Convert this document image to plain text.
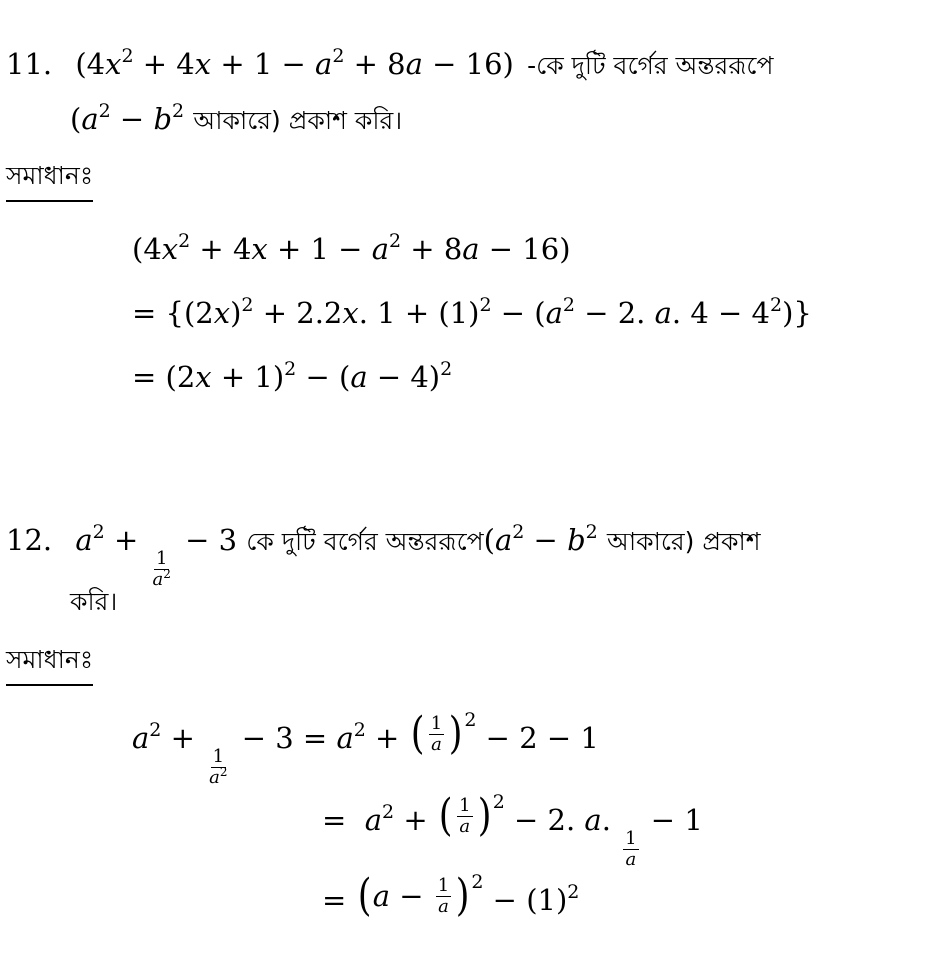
11. $(4x^2 + 4x + 1 - a^2 + 8a - 16)$ -কে দুটি বর্গের অন্তররূপে
($a^2 - b^2$ আকারে) প্রকাশ করি।
সমাধানঃ
$(4x^2 + 4x + 1 - a^2 + 8a - 16)$
= {$(2x)^2 + 2.2x$. $1 + (1)^2 - (a^2 - 2$. a. $4 - 4^2$)}
= $(2x + 1)^2 - (a - 4)^2$
12. $a^2$ +
$\frac{1}{a^2}$
− 3 কে দুটি বর্গের $অন্তররূপে(a^2 - b^2$ আকারে) প্রকাশ
করি।
সমাধানঃ
$a^2$ +
$\frac{1}{a^2}$
− $3 = a^2$ + ( $\frac{1}{a}$ ) $^2$ − 2 − 1
=  $a^2$ + ( $\frac{1}{a}$ ) $^2$ − 2. a.
$\frac{1}{a}$
− 1
= ( $a - \frac{1}{a}$ ) $^2 - (1)^2$
